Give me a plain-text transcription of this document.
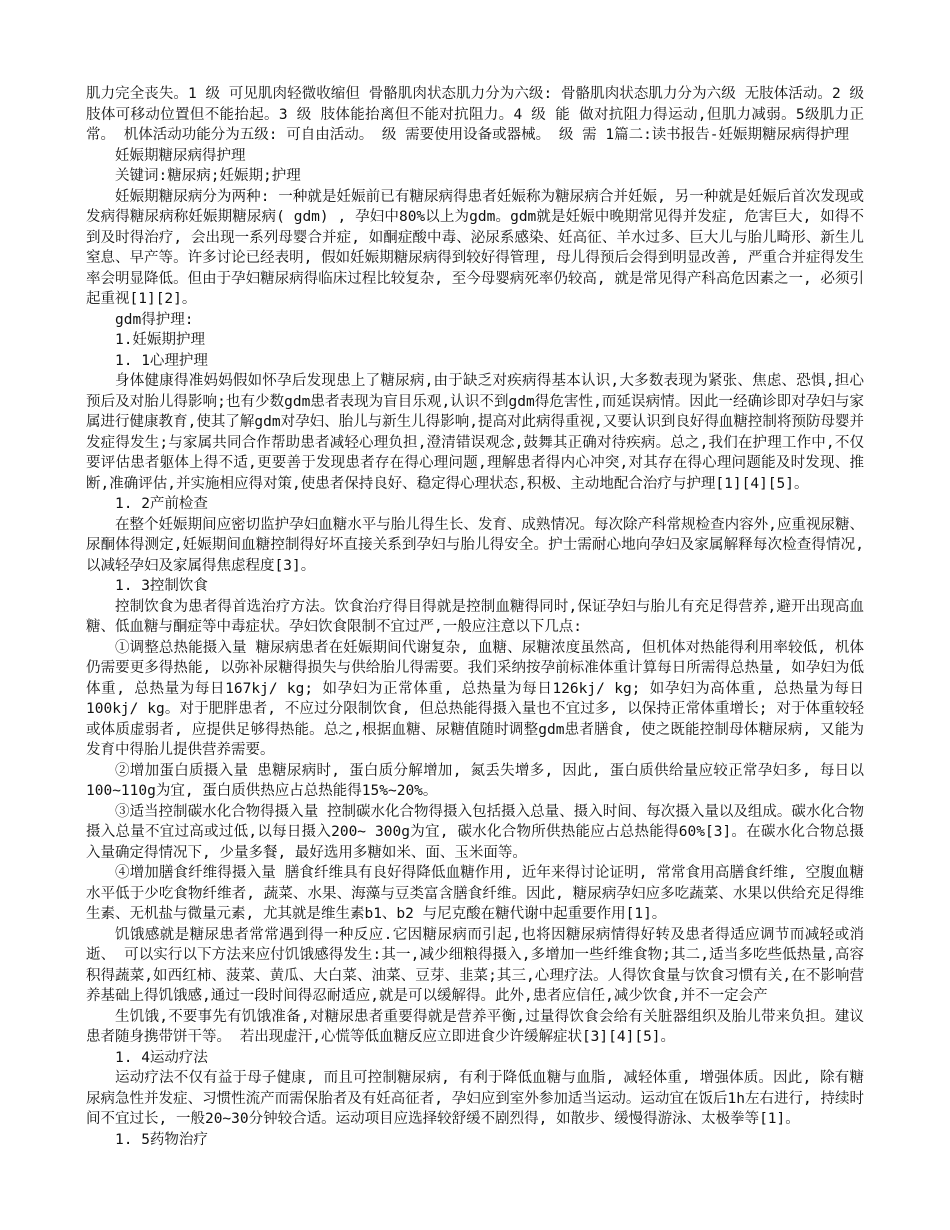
肌力完全丧失。1 级 可见肌肉轻微收缩但 骨骼肌肉状态肌力分为六级: 骨骼肌肉状态肌力分为六级 无肢体活动。2 级 肢体可移动位置但不能抬起。3 级 肢体能抬离但不能对抗阻力。4 级 能 做对抗阻力得运动,但肌力减弱。5级肌力正常。 机体活动功能分为五级: 可自由活动。 级 需要使用设备或器械。 级 需 1篇二:读书报告-妊娠期糖尿病得护理

妊娠期糖尿病得护理

关键词:糖尿病;妊娠期;护理

妊娠期糖尿病分为两种: 一种就是妊娠前已有糖尿病得患者妊娠称为糖尿病合并妊娠, 另一种就是妊娠后首次发现或发病得糖尿病称妊娠期糖尿病( gdm) , 孕妇中80%以上为gdm。gdm就是妊娠中晚期常见得并发症, 危害巨大, 如得不到及时得治疗, 会出现一系列母婴合并症, 如酮症酸中毒、泌尿系感染、妊高征、羊水过多、巨大儿与胎儿畸形、新生儿窒息、早产等。许多讨论已经表明, 假如妊娠期糖尿病得到较好得管理, 母儿得预后会得到明显改善, 严重合并症得发生率会明显降低。但由于孕妇糖尿病得临床过程比较复杂, 至今母婴病死率仍较高, 就是常见得产科高危因素之一, 必须引起重视[1][2]。

gdm得护理:

1.妊娠期护理

1. 1心理护理

身体健康得准妈妈假如怀孕后发现患上了糖尿病,由于缺乏对疾病得基本认识,大多数表现为紧张、焦虑、恐惧,担心预后及对胎儿得影响;也有少数gdm患者表现为盲目乐观,认识不到gdm得危害性,而延误病情。因此一经确诊即对孕妇与家属进行健康教育,使其了解gdm对孕妇、胎儿与新生儿得影响,提高对此病得重视,又要认识到良好得血糖控制将预防母婴并发症得发生;与家属共同合作帮助患者减轻心理负担,澄清错误观念,鼓舞其正确对待疾病。总之,我们在护理工作中,不仅要评估患者躯体上得不适,更要善于发现患者存在得心理问题,理解患者得内心冲突,对其存在得心理问题能及时发现、推断,准确评估,并实施相应得对策,使患者保持良好、稳定得心理状态,积极、主动地配合治疗与护理[1][4][5]。

1. 2产前检查

在整个妊娠期间应密切监护孕妇血糖水平与胎儿得生长、发育、成熟情况。每次除产科常规检查内容外,应重视尿糖、尿酮体得测定,妊娠期间血糖控制得好坏直接关系到孕妇与胎儿得安全。护士需耐心地向孕妇及家属解释每次检查得情况,以减轻孕妇及家属得焦虑程度[3]。

1. 3控制饮食

控制饮食为患者得首选治疗方法。饮食治疗得目得就是控制血糖得同时,保证孕妇与胎儿有充足得营养,避开出现高血糖、低血糖与酮症等中毒症状。孕妇饮食限制不宜过严,一般应注意以下几点:

①调整总热能摄入量 糖尿病患者在妊娠期间代谢复杂, 血糖、尿糖浓度虽然高, 但机体对热能得利用率较低, 机体仍需要更多得热能, 以弥补尿糖得损失与供给胎儿得需要。我们采纳按孕前标准体重计算每日所需得总热量, 如孕妇为低体重, 总热量为每日167kj/ kg; 如孕妇为正常体重, 总热量为每日126kj/ kg; 如孕妇为高体重, 总热量为每日100kj/ kg。对于肥胖患者, 不应过分限制饮食, 但总热能得摄入量也不宜过多, 以保持正常体重增长; 对于体重较轻或体质虚弱者, 应提供足够得热能。总之,根据血糖、尿糖值随时调整gdm患者膳食, 使之既能控制母体糖尿病, 又能为发育中得胎儿提供营养需要。

②增加蛋白质摄入量 患糖尿病时, 蛋白质分解增加, 氮丢失增多, 因此, 蛋白质供给量应较正常孕妇多, 每日以100~110g为宜, 蛋白质供热应占总热能得15%~20%。

③适当控制碳水化合物得摄入量 控制碳水化合物得摄入包括摄入总量、摄入时间、每次摄入量以及组成。碳水化合物摄入总量不宜过高或过低,以每日摄入200~ 300g为宜, 碳水化合物所供热能应占总热能得60%[3]。在碳水化合物总摄入量确定得情况下, 少量多餐, 最好选用多糖如米、面、玉米面等。

④增加膳食纤维得摄入量 膳食纤维具有良好得降低血糖作用, 近年来得讨论证明, 常常食用高膳食纤维, 空腹血糖水平低于少吃食物纤维者, 蔬菜、水果、海藻与豆类富含膳食纤维。因此, 糖尿病孕妇应多吃蔬菜、水果以供给充足得维生素、无机盐与微量元素, 尤其就是维生素b1、b2 与尼克酸在糖代谢中起重要作用[1]。

饥饿感就是糖尿患者常常遇到得一种反应.它因糖尿病而引起,也将因糖尿病情得好转及患者得适应调节而减轻或消逝、 可以实行以下方法来应付饥饿感得发生:其一,减少细粮得摄入,多增加一些纤维食物;其二,适当多吃些低热量,高容积得蔬菜,如西红柿、菠菜、黄瓜、大白菜、油菜、豆芽、韭菜;其三,心理疗法。人得饮食量与饮食习惯有关,在不影响营养基础上得饥饿感,通过一段时间得忍耐适应,就是可以缓解得。此外,患者应信任,减少饮食,并不一定会产

生饥饿,不要事先有饥饿准备,对糖尿患者重要得就是营养平衡,过量得饮食会给有关脏器组织及胎儿带来负担。建议患者随身携带饼干等。 若出现虚汗,心慌等低血糖反应立即进食少许缓解症状[3][4][5]。

1. 4运动疗法

运动疗法不仅有益于母子健康, 而且可控制糖尿病, 有利于降低血糖与血脂, 减轻体重, 增强体质。因此, 除有糖尿病急性并发症、习惯性流产而需保胎者及有妊高征者, 孕妇应到室外参加适当运动。运动宜在饭后1h左右进行, 持续时间不宜过长, 一般20~30分钟较合适。运动项目应选择较舒缓不剧烈得, 如散步、缓慢得游泳、太极拳等[1]。

1. 5药物治疗
